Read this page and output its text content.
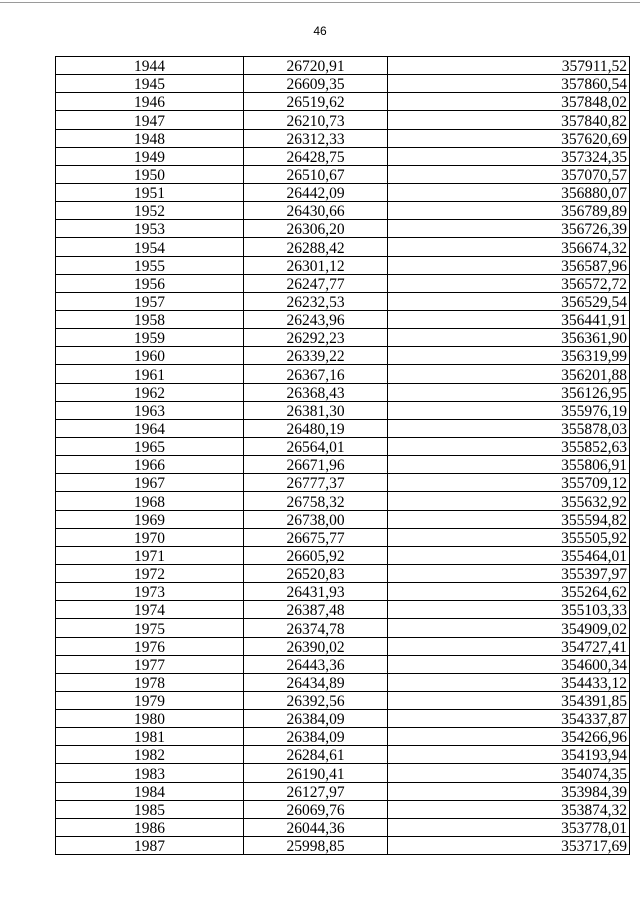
46
1944	26720,91	357911,52
1945	26609,35	357860,54
1946	26519,62	357848,02
1947	26210,73	357840,82
1948	26312,33	357620,69
1949	26428,75	357324,35
1950	26510,67	357070,57
1951	26442,09	356880,07
1952	26430,66	356789,89
1953	26306,20	356726,39
1954	26288,42	356674,32
1955	26301,12	356587,96
1956	26247,77	356572,72
1957	26232,53	356529,54
1958	26243,96	356441,91
1959	26292,23	356361,90
1960	26339,22	356319,99
1961	26367,16	356201,88
1962	26368,43	356126,95
1963	26381,30	355976,19
1964	26480,19	355878,03
1965	26564,01	355852,63
1966	26671,96	355806,91
1967	26777,37	355709,12
1968	26758,32	355632,92
1969	26738,00	355594,82
1970	26675,77	355505,92
1971	26605,92	355464,01
1972	26520,83	355397,97
1973	26431,93	355264,62
1974	26387,48	355103,33
1975	26374,78	354909,02
1976	26390,02	354727,41
1977	26443,36	354600,34
1978	26434,89	354433,12
1979	26392,56	354391,85
1980	26384,09	354337,87
1981	26384,09	354266,96
1982	26284,61	354193,94
1983	26190,41	354074,35
1984	26127,97	353984,39
1985	26069,76	353874,32
1986	26044,36	353778,01
1987	25998,85	353717,69
